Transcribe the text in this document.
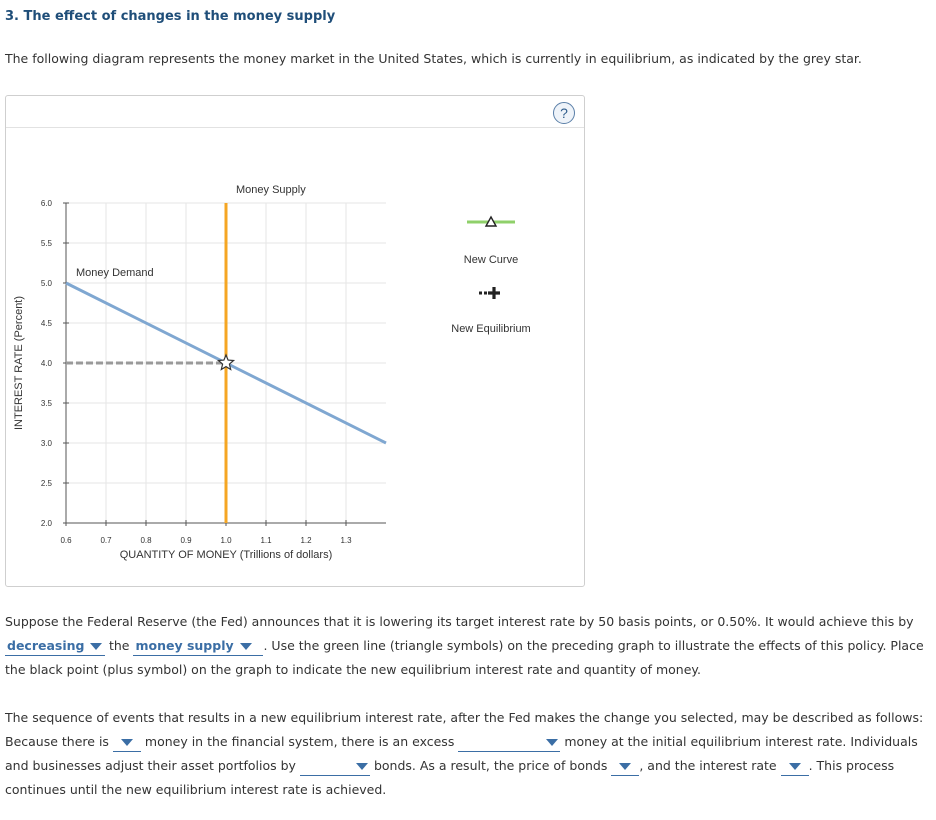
3. The effect of changes in the money supply
The following diagram represents the money market in the United States, which is currently in equilibrium, as indicated by the grey star.
?
6.0
5.5
5.0
4.5
4.0
3.5
3.0
2.5
2.0
0.6	0.7	0.8	0.9	1.0	1.1	1.2	1.3
QUANTITY OF MONEY (Trillions of dollars)
INTEREST RATE (Percent)
Money Demand
Money Supply
New Curve
New Equilibrium
Suppose the Federal Reserve (the Fed) announces that it is lowering its target interest rate by 50 basis points, or 0.50%. It would achieve this by
decreasing the money supply . Use the green line (triangle symbols) on the preceding graph to illustrate the effects of this policy. Place the black point (plus symbol) on the graph to indicate the new equilibrium interest rate and quantity of money.
The sequence of events that results in a new equilibrium interest rate, after the Fed makes the change you selected, may be described as follows: Because there is	money in the financial system, there is an excess	money at the initial equilibrium interest rate. Individuals and businesses adjust their asset portfolios by	bonds. As a result, the price of bonds	, and the interest rate	. This process continues until the new equilibrium interest rate is achieved.
